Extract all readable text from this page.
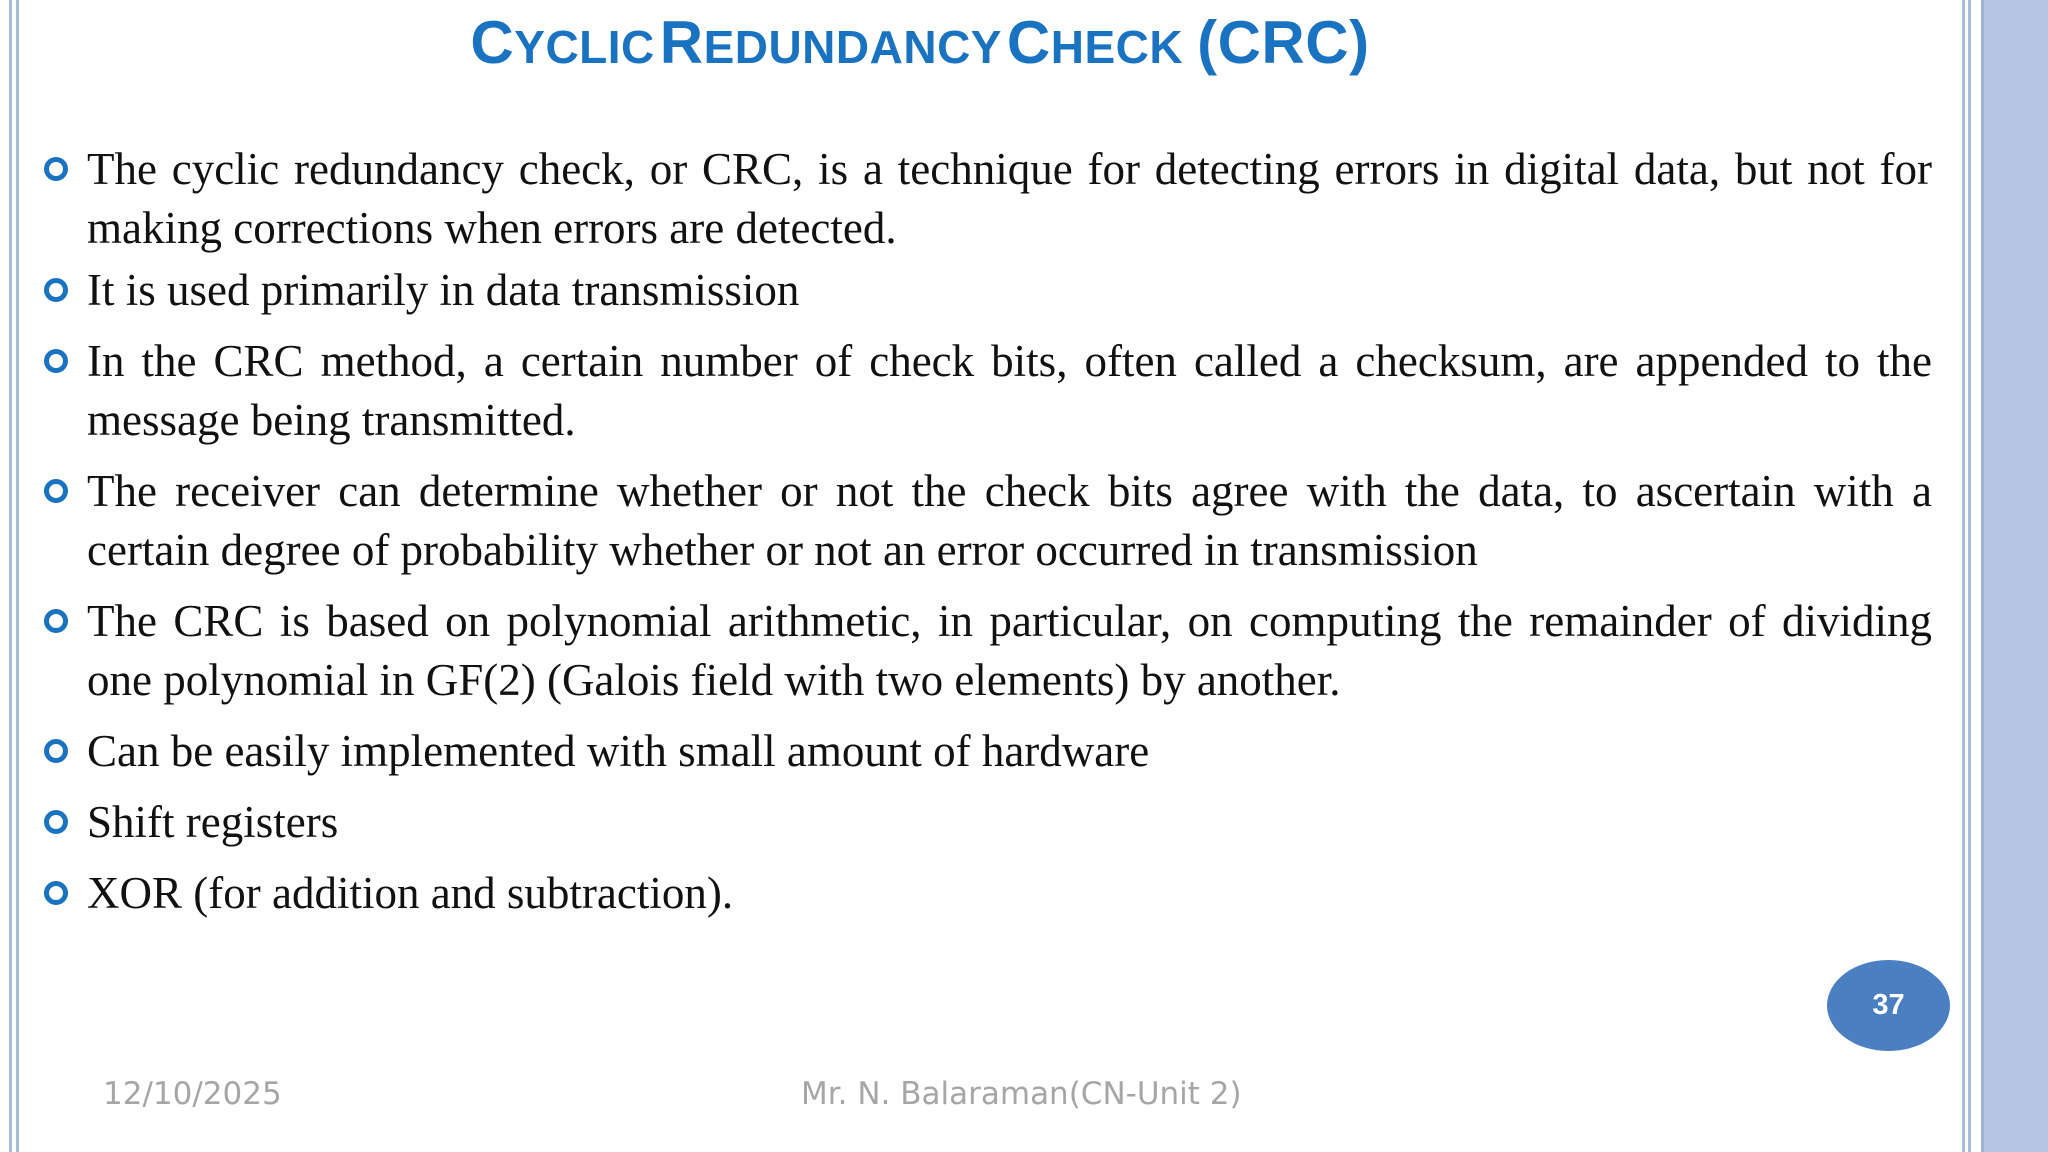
CYCLIC REDUNDANCY CHECK (CRC)
The cyclic redundancy check, or CRC, is a technique for detecting errors in digital data, but not for making corrections when errors are detected.
It is used primarily in data transmission
In the CRC method, a certain number of check bits, often called a checksum, are appended to the message being transmitted.
The receiver can determine whether or not the check bits agree with the data, to ascertain with a certain degree of probability whether or not an error occurred in transmission
The CRC is based on polynomial arithmetic, in particular, on computing the remainder of dividing one polynomial in GF(2) (Galois field with two elements) by another.
Can be easily implemented with small amount of hardware
Shift registers
XOR (for addition and subtraction).
37
12/10/2025	Mr. N. Balaraman(CN-Unit 2)
